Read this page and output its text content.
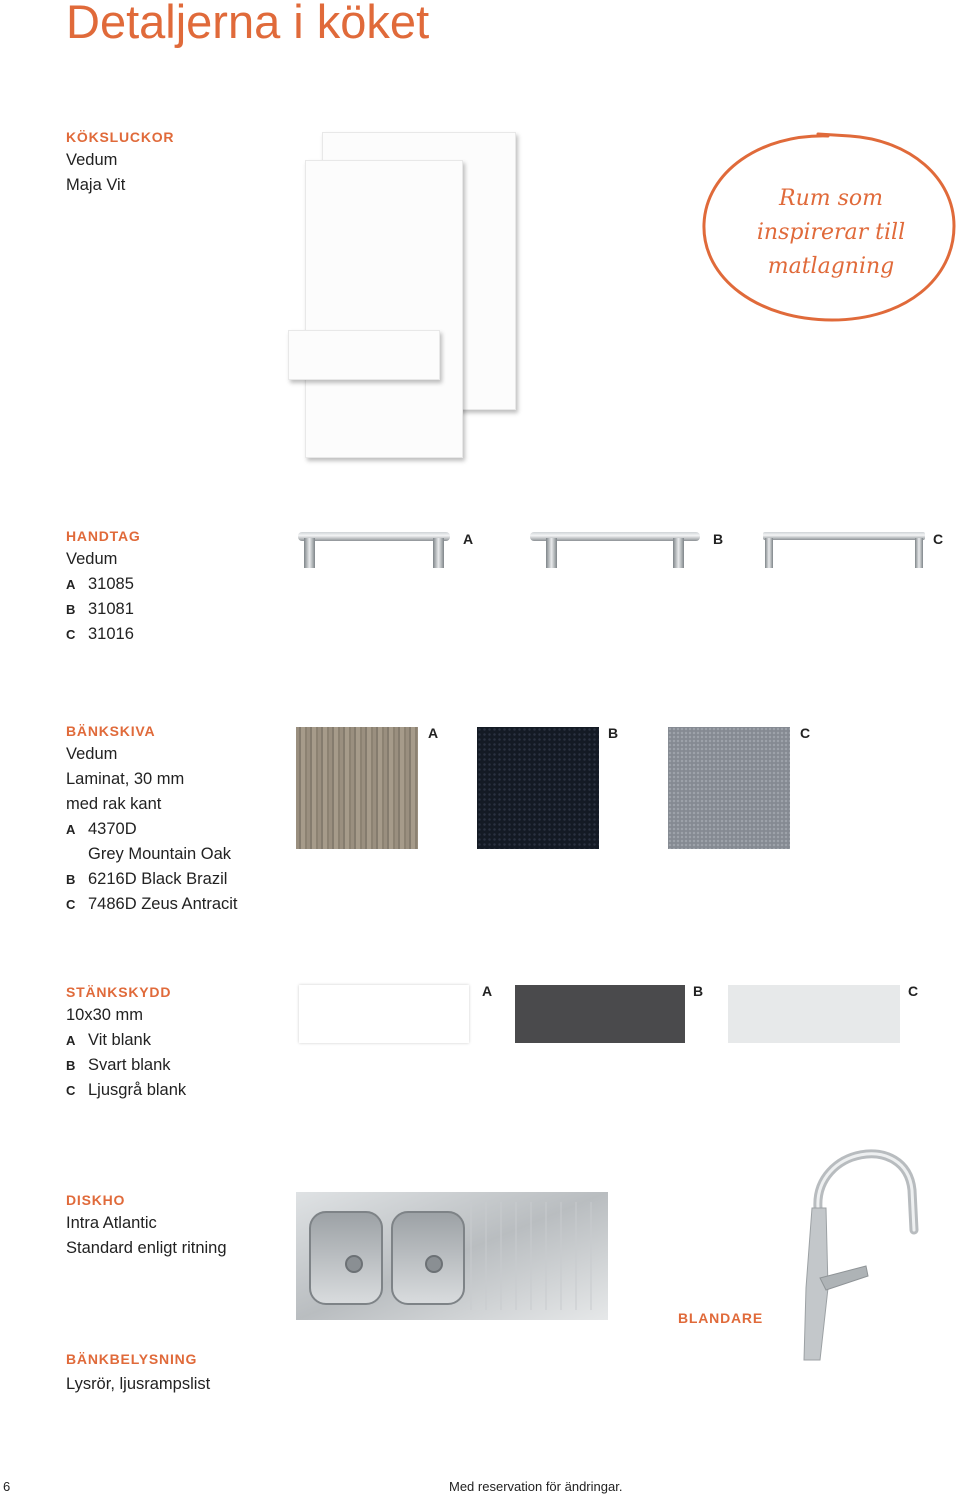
Detaljerna i köket
Rum som
inspirerar till
matlagning
KÖKSLUCKOR
Vedum
Maja Vit
HANDTAG
Vedum
A 31085
B 31081
C 31016
A	B	C
BÄNKSKIVA
Vedum
Laminat, 30 mm
med rak kant
A 4370D
Grey Mountain Oak
B 6216D Black Brazil
C 7486D Zeus Antracit
A	B	C
STÄNKSKYDD
10x30 mm
A Vit blank
B Svart blank
C Ljusgrå blank
A	B	C
DISKHO
Intra Atlantic
Standard enligt ritning
BLANDARE
BÄNKBELYSNING
Lysrör, ljusrampslist
6	Med reservation för ändringar.
